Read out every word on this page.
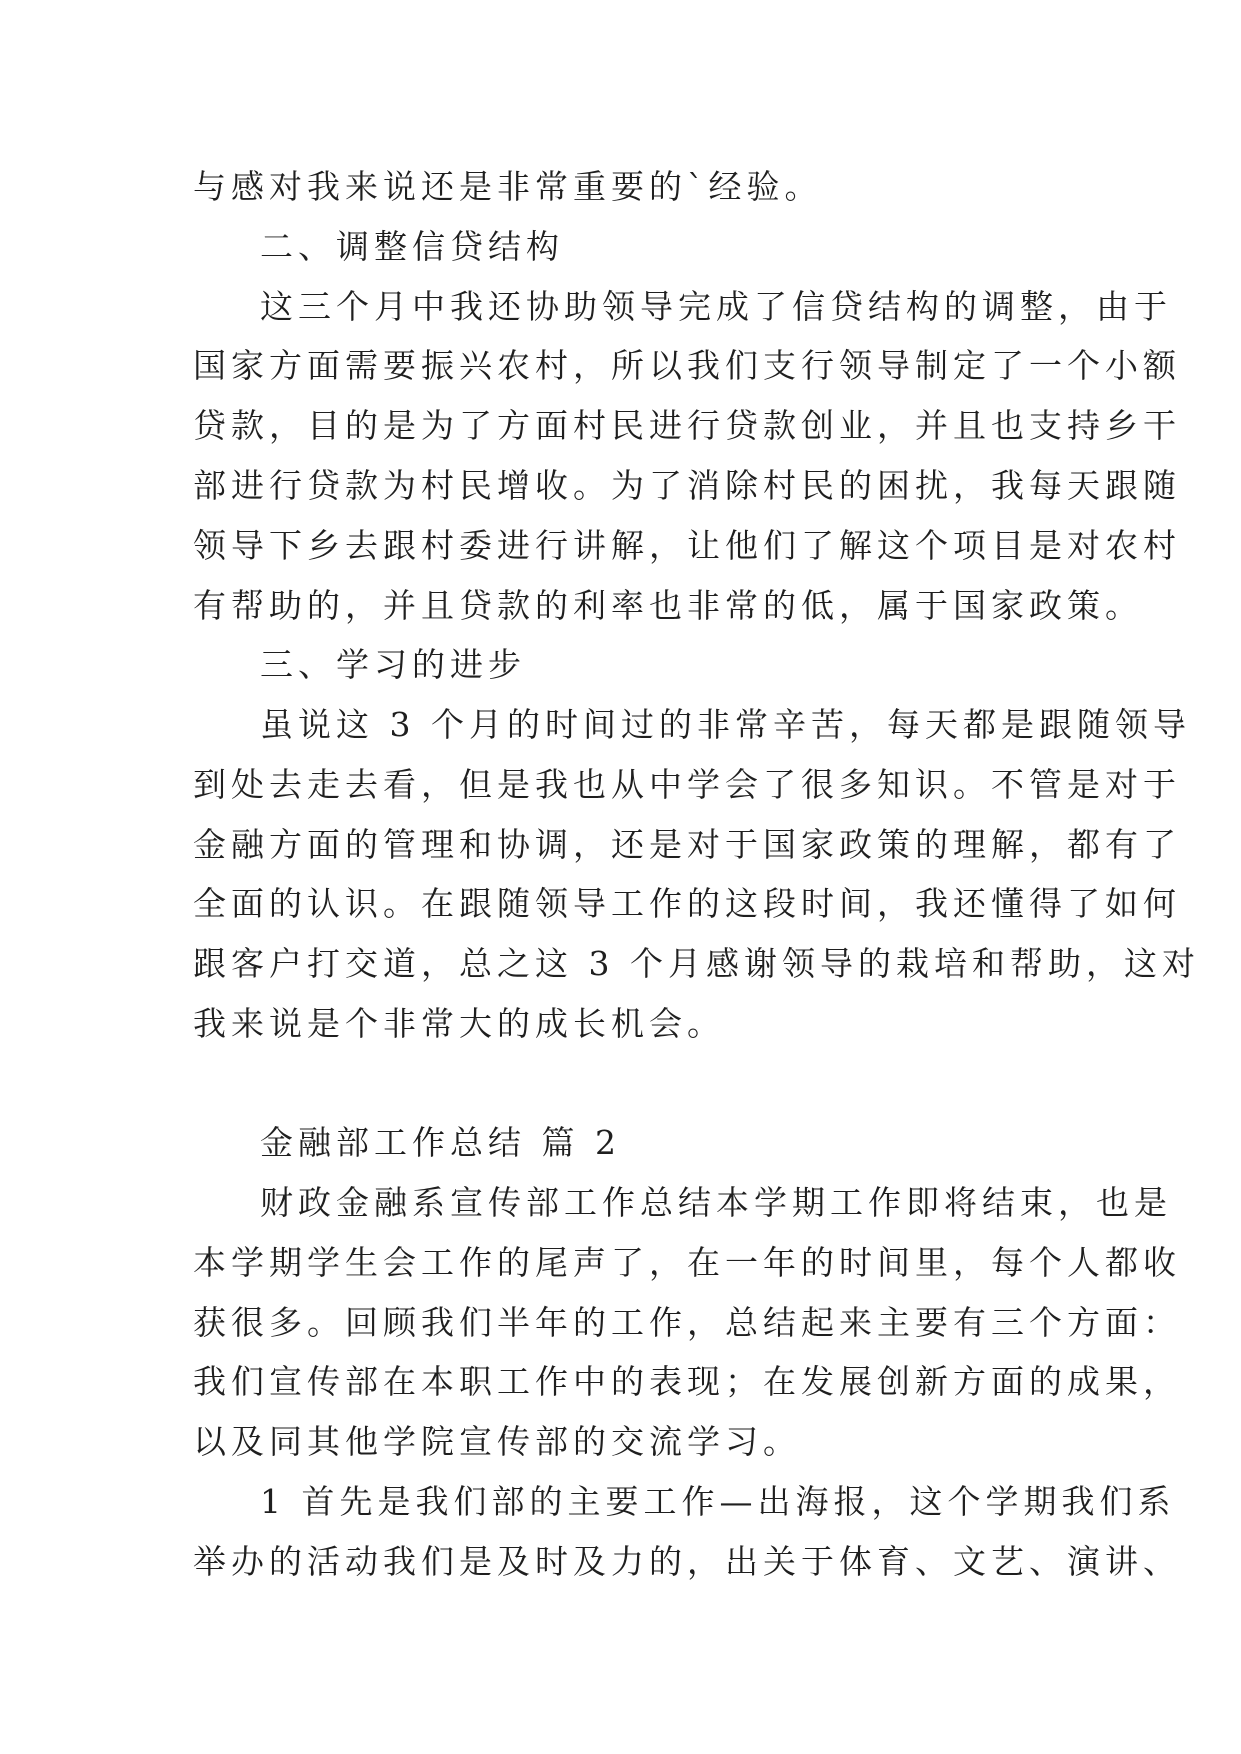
与感对我来说还是非常重要的`经验。
二、调整信贷结构
这三个月中我还协助领导完成了信贷结构的调整，由于
国家方面需要振兴农村，所以我们支行领导制定了一个小额
贷款，目的是为了方面村民进行贷款创业，并且也支持乡干
部进行贷款为村民增收。为了消除村民的困扰，我每天跟随
领导下乡去跟村委进行讲解，让他们了解这个项目是对农村
有帮助的，并且贷款的利率也非常的低，属于国家政策。
三、学习的进步
虽说这 3 个月的时间过的非常辛苦，每天都是跟随领导
到处去走去看，但是我也从中学会了很多知识。不管是对于
金融方面的管理和协调，还是对于国家政策的理解，都有了
全面的认识。在跟随领导工作的这段时间，我还懂得了如何
跟客户打交道，总之这 3 个月感谢领导的栽培和帮助，这对
我来说是个非常大的成长机会。
金融部工作总结 篇 2
财政金融系宣传部工作总结本学期工作即将结束，也是
本学期学生会工作的尾声了，在一年的时间里，每个人都收
获很多。回顾我们半年的工作，总结起来主要有三个方面：
我们宣传部在本职工作中的表现；在发展创新方面的成果，
以及同其他学院宣传部的交流学习。
1 首先是我们部的主要工作—出海报，这个学期我们系
举办的活动我们是及时及力的，出关于体育、文艺、演讲、
